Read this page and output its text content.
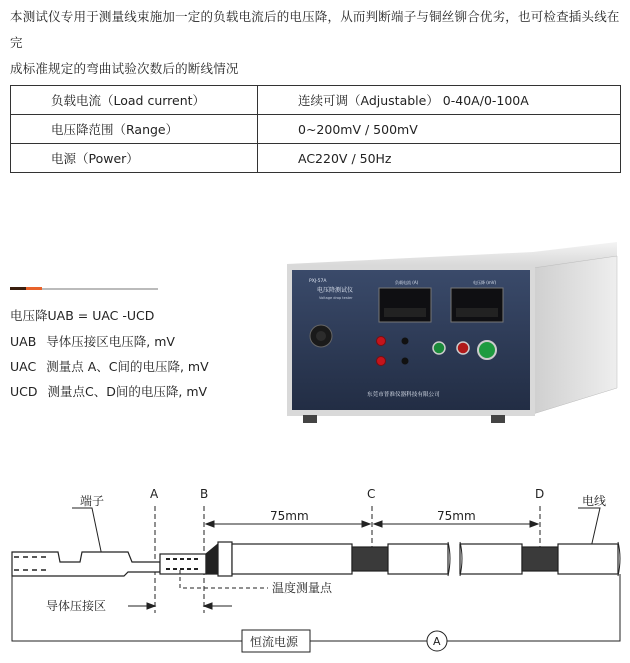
本测试仪专用于测量线束施加一定的负载电流后的电压降，从而判断端子与铜丝铆合优劣，也可检查插头线在完
成标准规定的弯曲试验次数后的断线情况
负载电流（Load current）	连续可调（Adjustable） 0-40A/0-100A
电压降范围（Range）	0~200mV / 500mV
电源（Power）	AC220V / 50Hz
电压降UAB = UAC -UCD
UAB 导体压接区电压降, mV
UAC 测量点 A、C间的电压降, mV
UCD 测量点C、D间的电压降, mV
PXJ-57A
电压降测试仪
Voltage drop tester
负载电流 (A)	电压降 (mV)
东莞市普准仪器科技有限公司
A	B	C	D
75mm	75mm
端子	电线
温度测量点
导体压接区
恒流电源	A
